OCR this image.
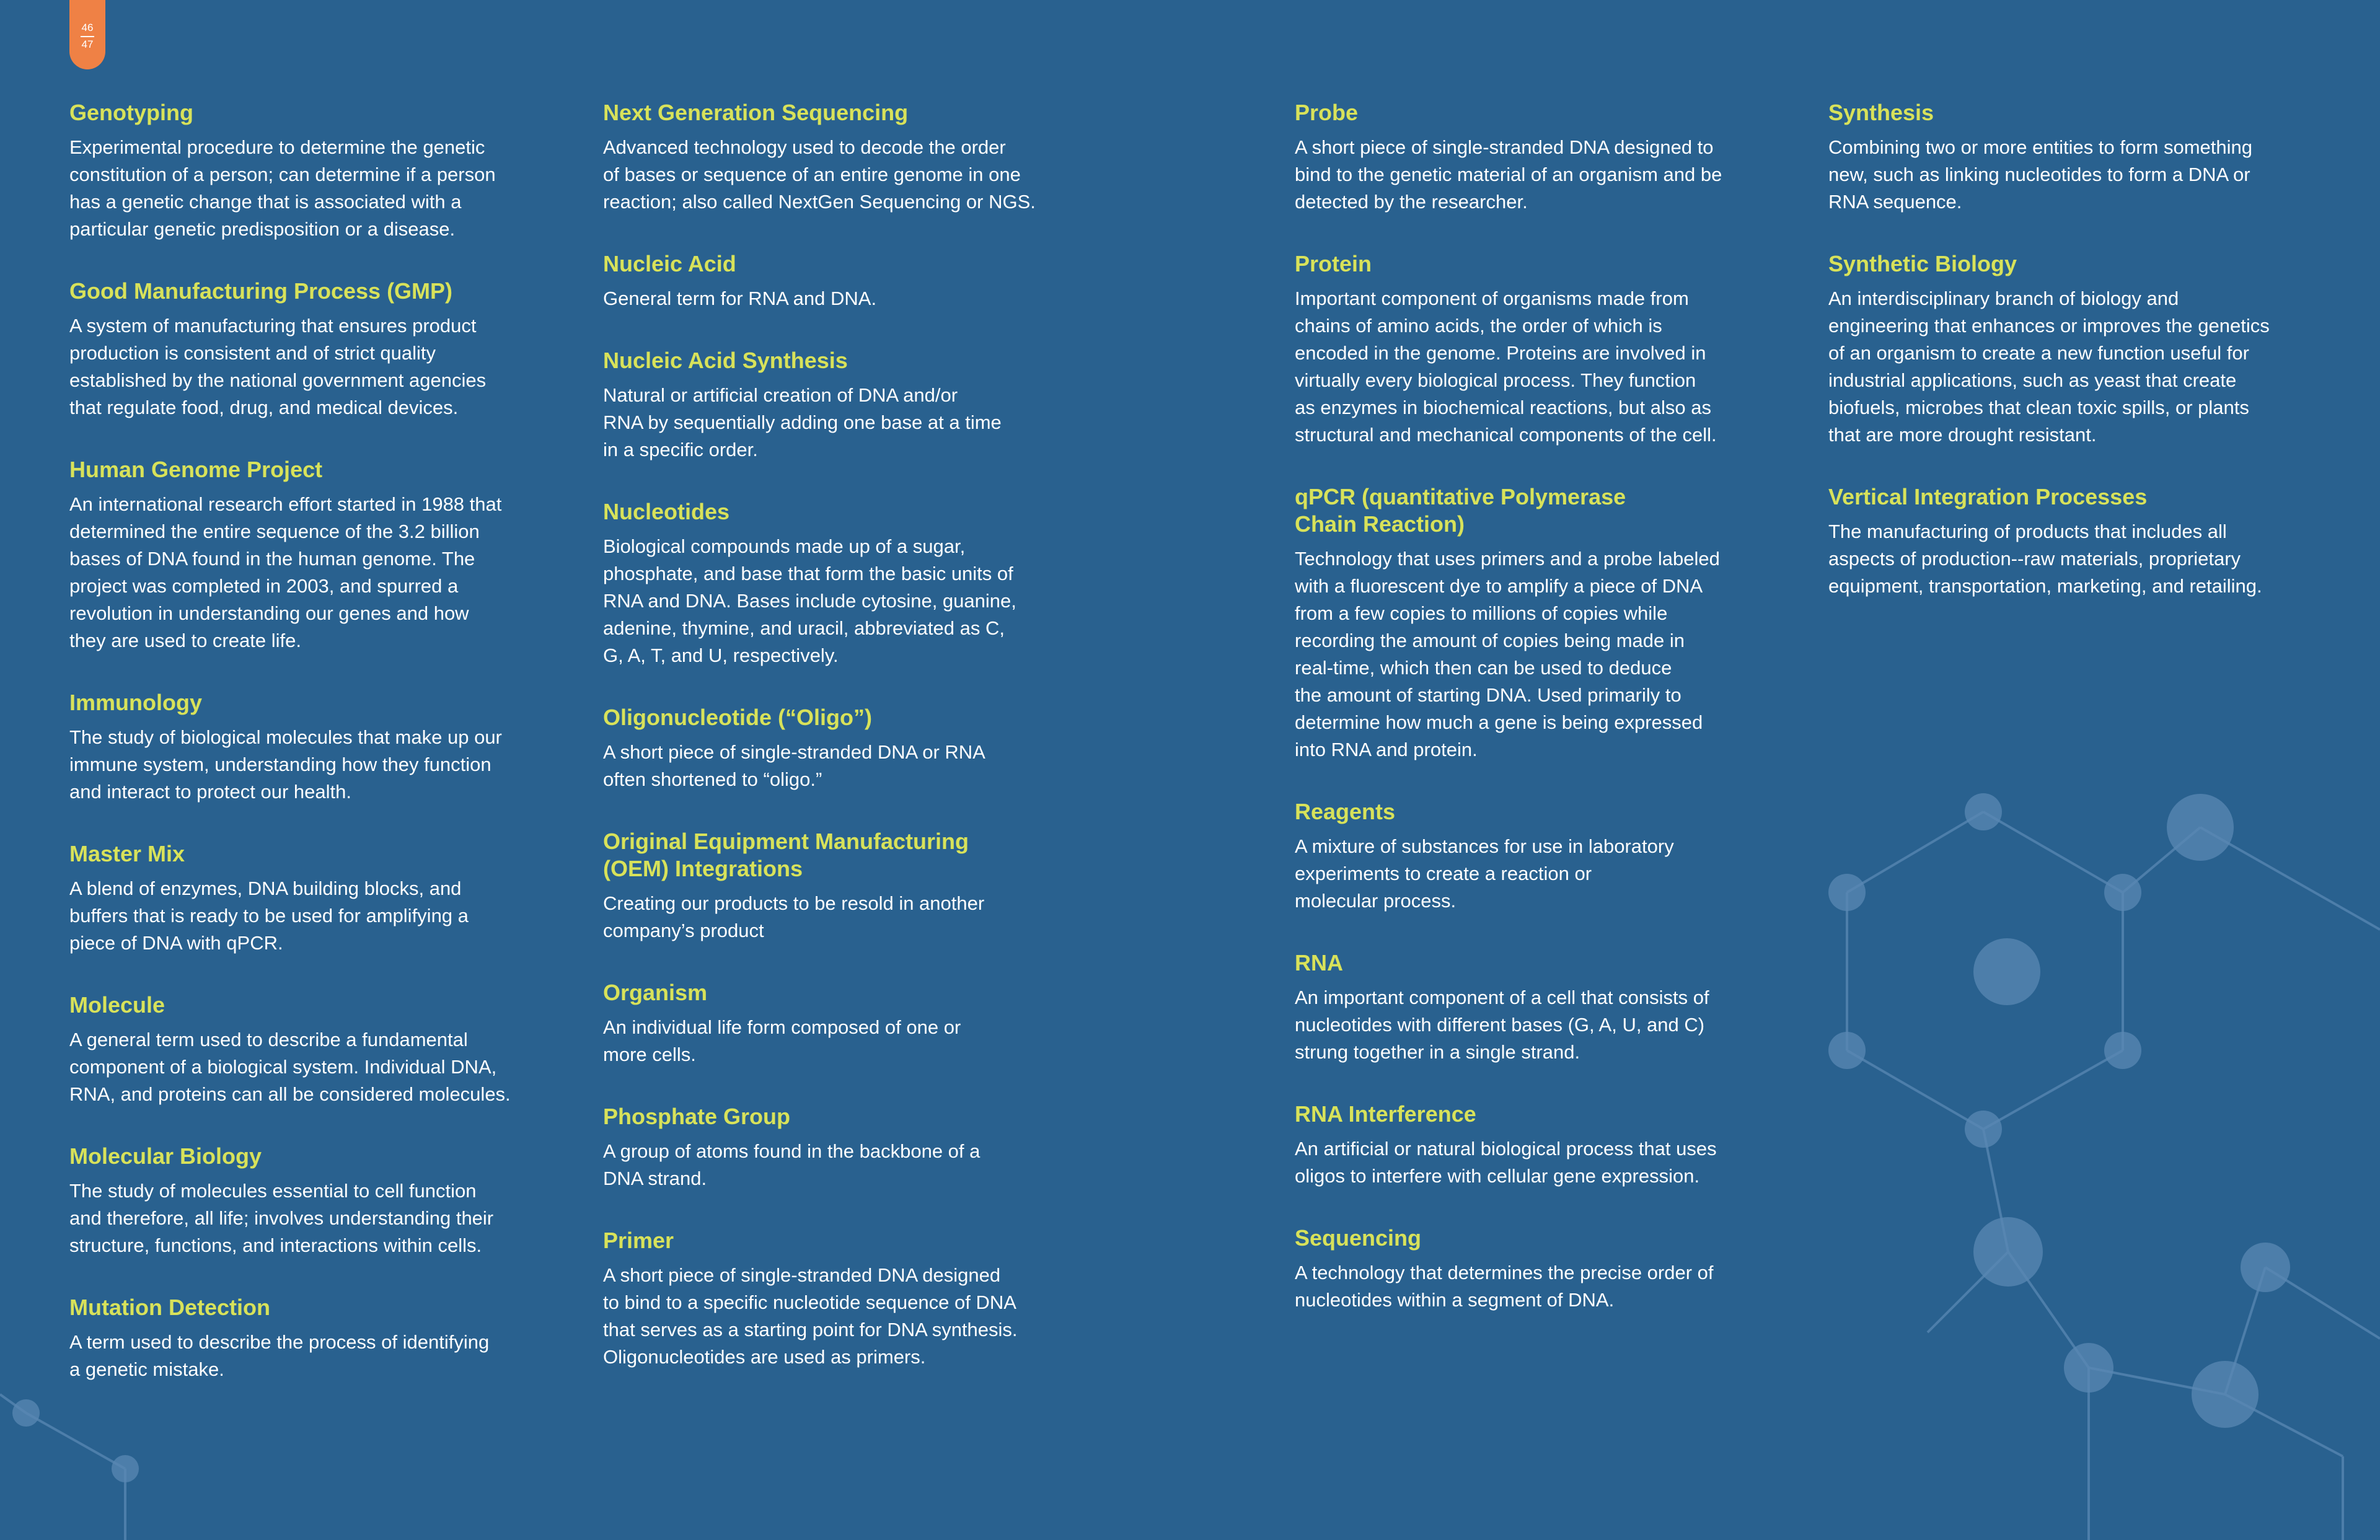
46
47
Genotyping

Experimental procedure to determine the genetic
constitution of a person; can determine if a person
has a genetic change that is associated with a
particular genetic predisposition or a disease.

Good Manufacturing Process (GMP)

A system of manufacturing that ensures product
production is consistent and of strict quality
established by the national government agencies
that regulate food, drug, and medical devices.

Human Genome Project

An international research effort started in 1988 that
determined the entire sequence of the 3.2 billion
bases of DNA found in the human genome. The
project was completed in 2003, and spurred a
revolution in understanding our genes and how
they are used to create life.

Immunology

The study of biological molecules that make up our
immune system, understanding how they function
and interact to protect our health.

Master Mix

A blend of enzymes, DNA building blocks, and
buffers that is ready to be used for amplifying a
piece of DNA with qPCR.

Molecule

A general term used to describe a fundamental
component of a biological system. Individual DNA,
RNA, and proteins can all be considered molecules.

Molecular Biology

The study of molecules essential to cell function
and therefore, all life; involves understanding their
structure, functions, and interactions within cells.

Mutation Detection

A term used to describe the process of identifying
a genetic mistake.

Next Generation Sequencing

Advanced technology used to decode the order
of bases or sequence of an entire genome in one
reaction; also called NextGen Sequencing or NGS.

Nucleic Acid

General term for RNA and DNA.

Nucleic Acid Synthesis

Natural or artificial creation of DNA and/or
RNA by sequentially adding one base at a time
in a specific order.

Nucleotides

Biological compounds made up of a sugar,
phosphate, and base that form the basic units of
RNA and DNA. Bases include cytosine, guanine,
adenine, thymine, and uracil, abbreviated as C,
G, A, T, and U, respectively.

Oligonucleotide (“Oligo”)

A short piece of single-stranded DNA or RNA
often shortened to “oligo.”

Original Equipment Manufacturing
(OEM) Integrations

Creating our products to be resold in another
company’s product

Organism

An individual life form composed of one or
more cells.

Phosphate Group

A group of atoms found in the backbone of a
DNA strand.

Primer

A short piece of single-stranded DNA designed
to bind to a specific nucleotide sequence of DNA
that serves as a starting point for DNA synthesis.
Oligonucleotides are used as primers.

Probe

A short piece of single-stranded DNA designed to
bind to the genetic material of an organism and be
detected by the researcher.

Protein

Important component of organisms made from
chains of amino acids, the order of which is
encoded in the genome. Proteins are involved in
virtually every biological process. They function
as enzymes in biochemical reactions, but also as
structural and mechanical components of the cell.

qPCR (quantitative Polymerase
Chain Reaction)

Technology that uses primers and a probe labeled
with a fluorescent dye to amplify a piece of DNA
from a few copies to millions of copies while
recording the amount of copies being made in
real-time, which then can be used to deduce
the amount of starting DNA. Used primarily to
determine how much a gene is being expressed
into RNA and protein.

Reagents

A mixture of substances for use in laboratory
experiments to create a reaction or
molecular process.

RNA

An important component of a cell that consists of
nucleotides with different bases (G, A, U, and C)
strung together in a single strand.

RNA Interference

An artificial or natural biological process that uses
oligos to interfere with cellular gene expression.

Sequencing

A technology that determines the precise order of
nucleotides within a segment of DNA.

Synthesis

Combining two or more entities to form something
new, such as linking nucleotides to form a DNA or
RNA sequence.

Synthetic Biology

An interdisciplinary branch of biology and
engineering that enhances or improves the genetics
of an organism to create a new function useful for
industrial applications, such as yeast that create
biofuels, microbes that clean toxic spills, or plants
that are more drought resistant.

Vertical Integration Processes

The manufacturing of products that includes all
aspects of production--raw materials, proprietary
equipment, transportation, marketing, and retailing.
